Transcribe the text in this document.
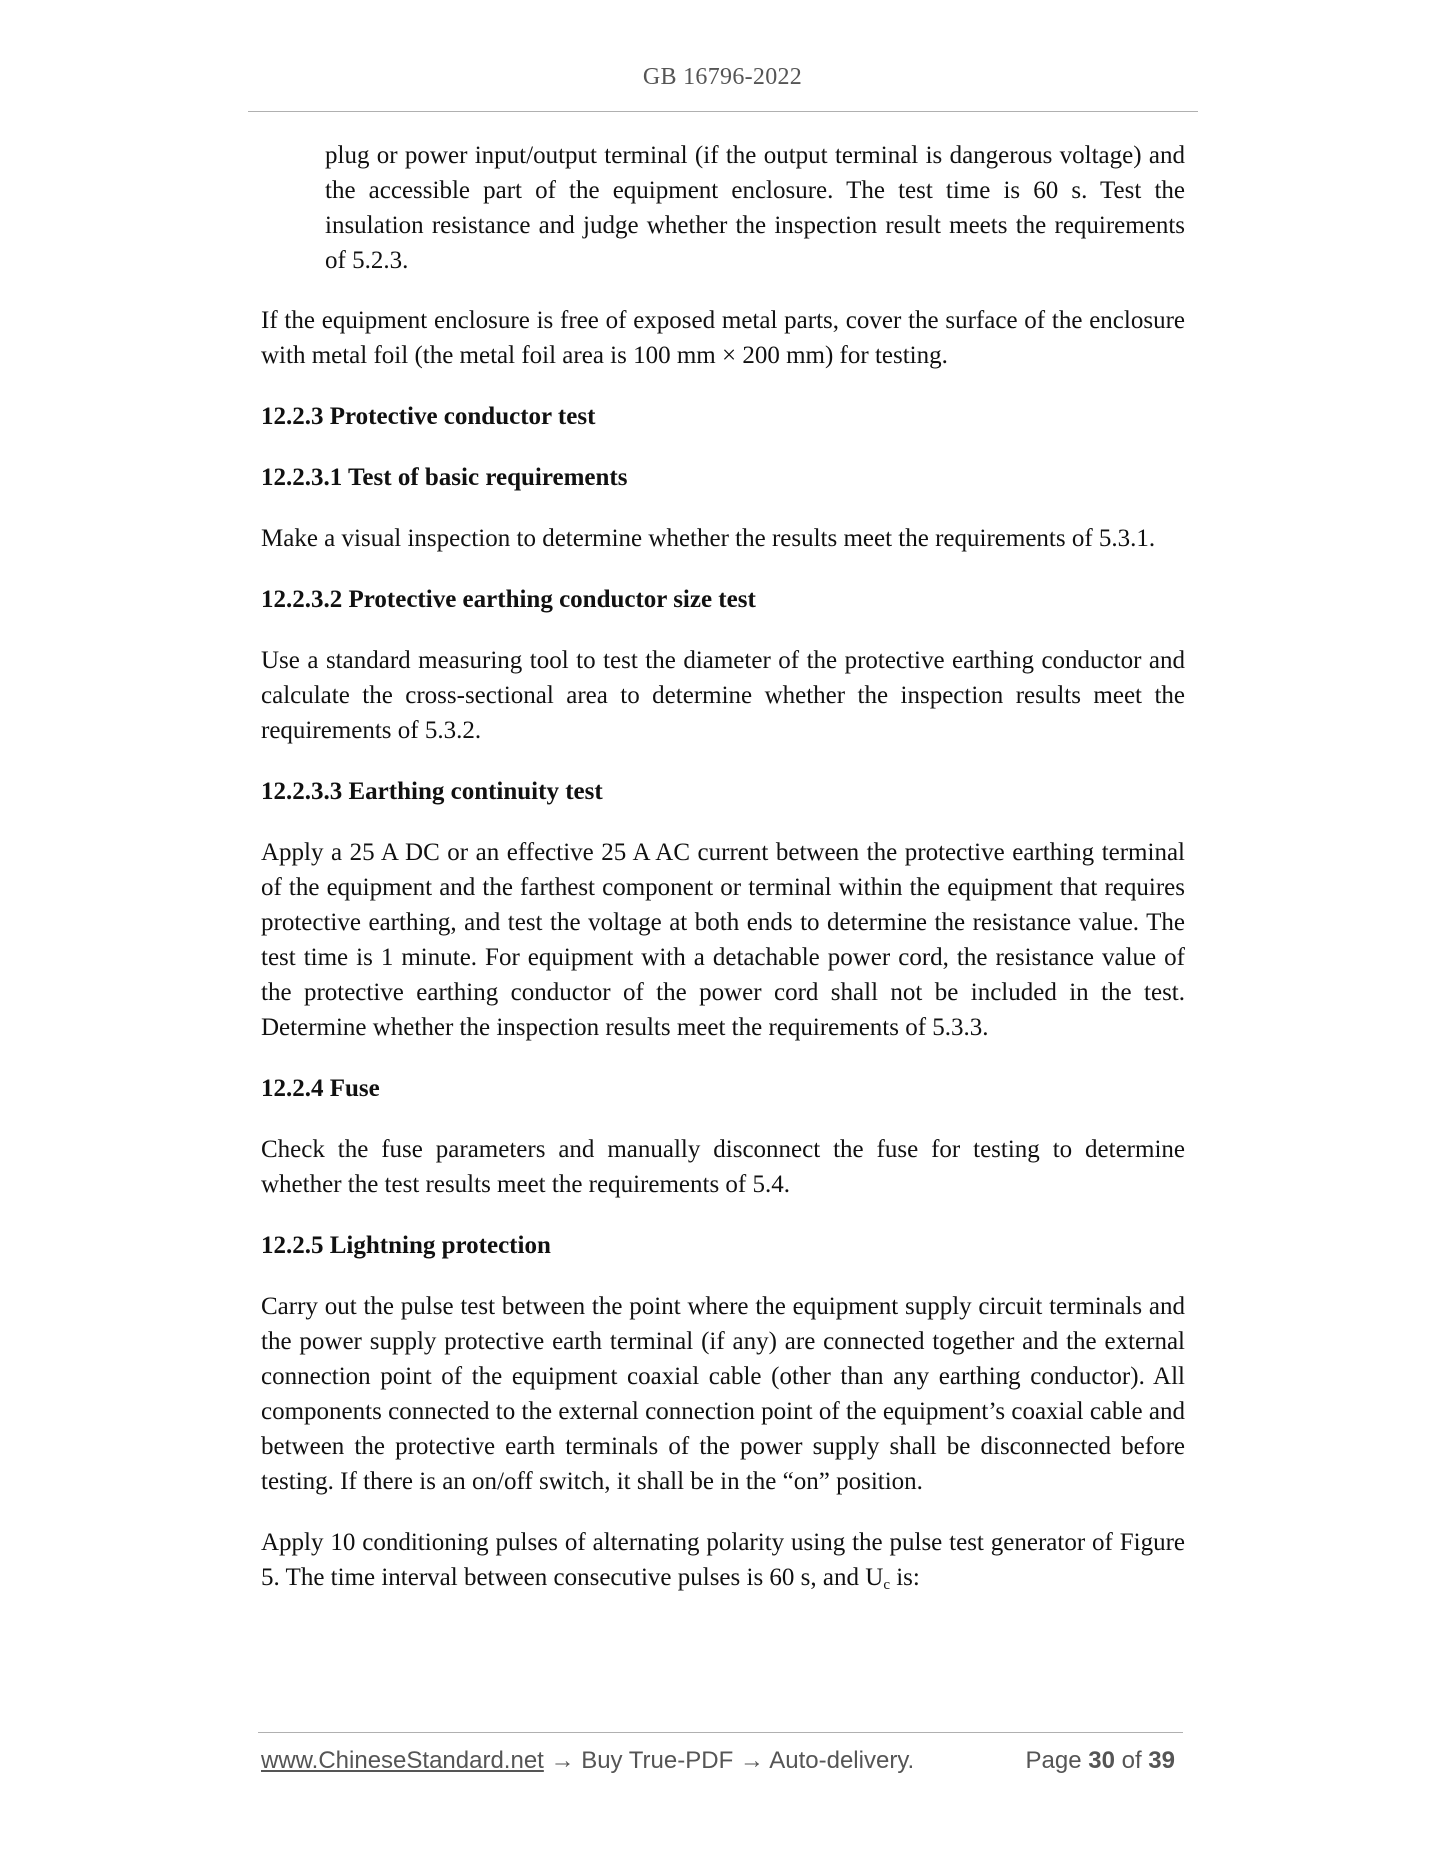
GB 16796-2022

plug or power input/output terminal (if the output terminal is dangerous voltage) and the accessible part of the equipment enclosure. The test time is 60 s. Test the insulation resistance and judge whether the inspection result meets the requirements of 5.2.3.

If the equipment enclosure is free of exposed metal parts, cover the surface of the enclosure with metal foil (the metal foil area is 100 mm × 200 mm) for testing.

12.2.3 Protective conductor test
12.2.3.1 Test of basic requirements

Make a visual inspection to determine whether the results meet the requirements of 5.3.1.

12.2.3.2 Protective earthing conductor size test

Use a standard measuring tool to test the diameter of the protective earthing conductor and calculate the cross-sectional area to determine whether the inspection results meet the requirements of 5.3.2.

12.2.3.3 Earthing continuity test

Apply a 25 A DC or an effective 25 A AC current between the protective earthing terminal of the equipment and the farthest component or terminal within the equipment that requires protective earthing, and test the voltage at both ends to determine the resistance value. The test time is 1 minute. For equipment with a detachable power cord, the resistance value of the protective earthing conductor of the power cord shall not be included in the test. Determine whether the inspection results meet the requirements of 5.3.3.

12.2.4 Fuse

Check the fuse parameters and manually disconnect the fuse for testing to determine whether the test results meet the requirements of 5.4.

12.2.5 Lightning protection

Carry out the pulse test between the point where the equipment supply circuit terminals and the power supply protective earth terminal (if any) are connected together and the external connection point of the equipment coaxial cable (other than any earthing conductor). All components connected to the external connection point of the equipment’s coaxial cable and between the protective earth terminals of the power supply shall be disconnected before testing. If there is an on/off switch, it shall be in the “on” position.

Apply 10 conditioning pulses of alternating polarity using the pulse test generator of Figure 5. The time interval between consecutive pulses is 60 s, and $U_c$ is:

www.ChineseStandard.net → Buy True-PDF → Auto-delivery.	Page 30 of 39
